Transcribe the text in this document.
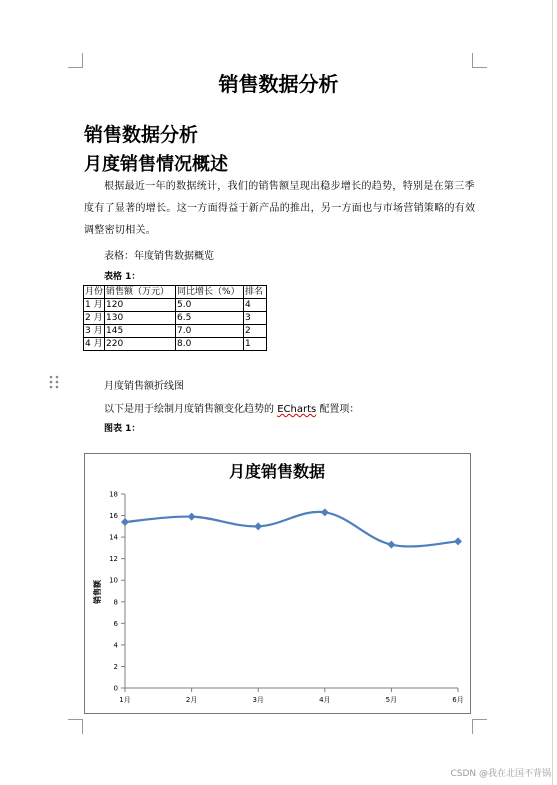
销售数据分析
销售数据分析
月度销售情况概述
根据最近一年的数据统计，我们的销售额呈现出稳步增长的趋势，特别是在第三季度有了显著的增长。这一方面得益于新产品的推出，另一方面也与市场营销策略的有效调整密切相关。
表格：年度销售数据概览
表格 1：
月份	销售额（万元）	同比增长（%）	排名
1 月	120	5.0	4
2 月	130	6.5	3
3 月	145	7.0	2
4 月	220	8.0	1
月度销售额折线图
以下是用于绘制月度销售额变化趋势的 ECharts 配置项：
图表 1：
月度销售数据
销售额
0
2
4
6
8
10
12
14
16
18
1月	2月	3月	4月	5月	6月
CSDN @我在北国不背锅
